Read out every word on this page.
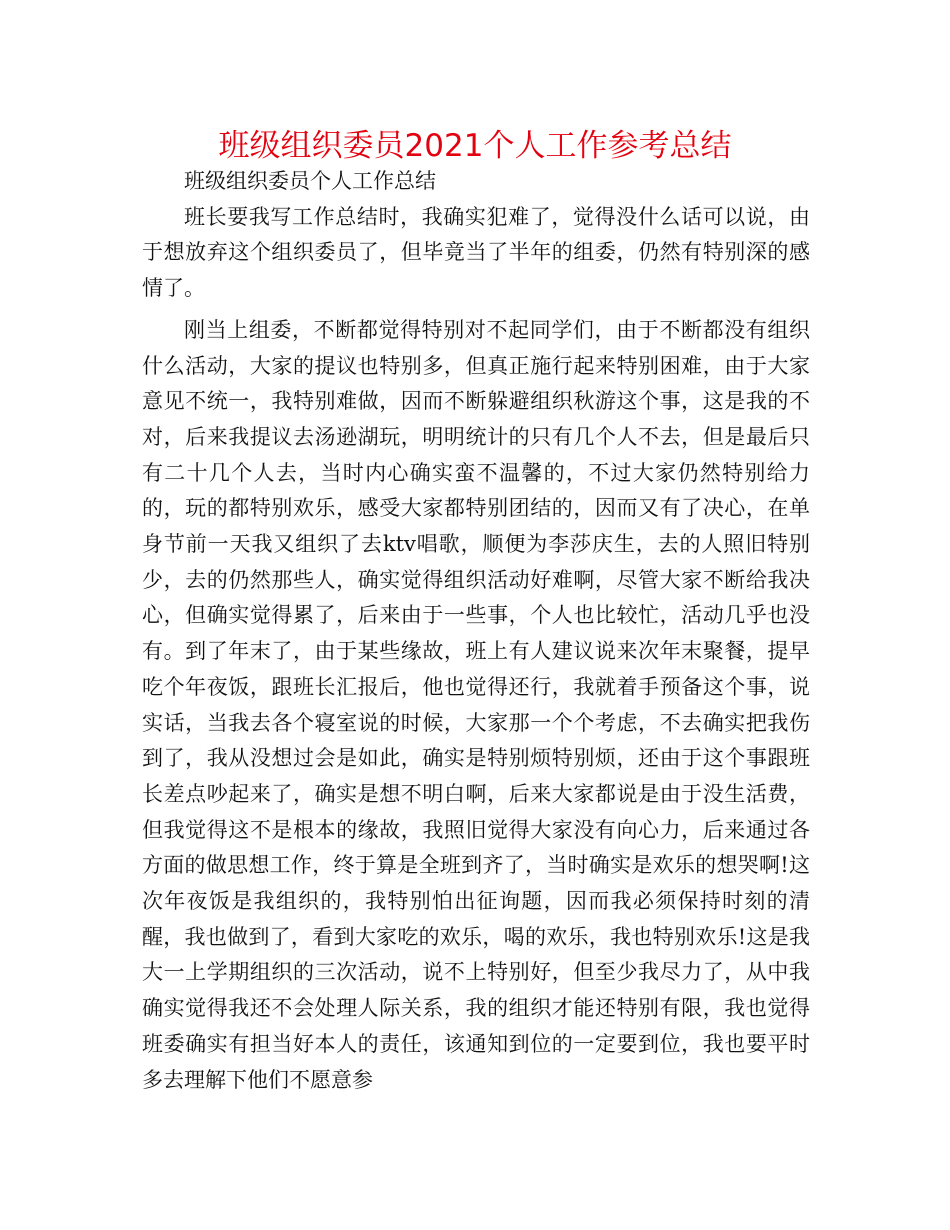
班级组织委员2021个人工作参考总结

班级组织委员个人工作总结

班长要我写工作总结时，我确实犯难了，觉得没什么话可以说，由于想放弃这个组织委员了，但毕竟当了半年的组委，仍然有特别深的感情了。

刚当上组委，不断都觉得特别对不起同学们，由于不断都没有组织什么活动，大家的提议也特别多，但真正施行起来特别困难，由于大家意见不统一，我特别难做，因而不断躲避组织秋游这个事，这是我的不对，后来我提议去汤逊湖玩，明明统计的只有几个人不去，但是最后只有二十几个人去，当时内心确实蛮不温馨的，不过大家仍然特别给力的，玩的都特别欢乐，感受大家都特别团结的，因而又有了决心，在单身节前一天我又组织了去ktv唱歌，顺便为李莎庆生，去的人照旧特别少，去的仍然那些人，确实觉得组织活动好难啊，尽管大家不断给我决心，但确实觉得累了，后来由于一些事，个人也比较忙，活动几乎也没有。到了年末了，由于某些缘故，班上有人建议说来次年末聚餐，提早吃个年夜饭，跟班长汇报后，他也觉得还行，我就着手预备这个事，说实话，当我去各个寝室说的时候，大家那一个个考虑，不去确实把我伤到了，我从没想过会是如此，确实是特别烦特别烦，还由于这个事跟班长差点吵起来了，确实是想不明白啊，后来大家都说是由于没生活费，但我觉得这不是根本的缘故，我照旧觉得大家没有向心力，后来通过各方面的做思想工作，终于算是全班到齐了，当时确实是欢乐的想哭啊!这次年夜饭是我组织的，我特别怕出征询题，因而我必须保持时刻的清醒，我也做到了，看到大家吃的欢乐，喝的欢乐，我也特别欢乐!这是我大一上学期组织的三次活动，说不上特别好，但至少我尽力了，从中我确实觉得我还不会处理人际关系，我的组织才能还特别有限，我也觉得班委确实有担当好本人的责任，该通知到位的一定要到位，我也要平时多去理解下他们不愿意参
